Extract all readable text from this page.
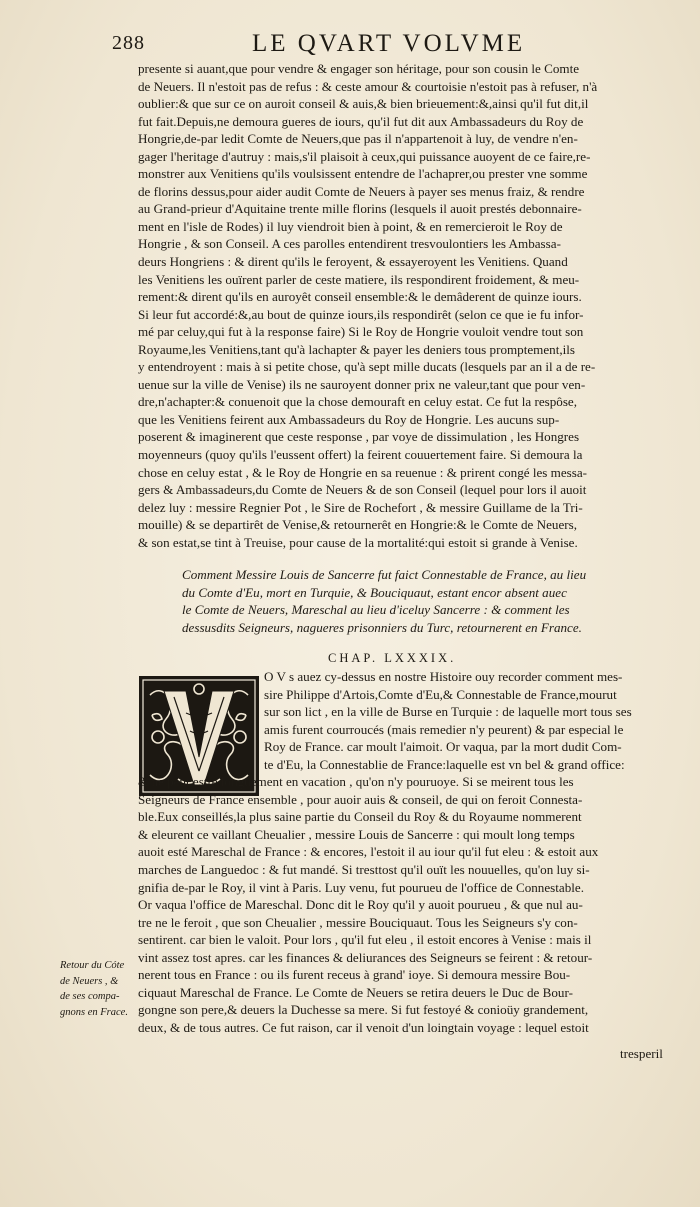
288	LE QVART VOLVME
presente si auant,que pour vendre & engager son héritage, pour son cousin le Comte
de Neuers. Il n'estoit pas de refus : & ceste amour & courtoisie n'estoit pas à refuser, n'à
oublier:& que sur ce on auroit conseil & auis,& bien brieuement:&,ainsi qu'il fut dit,il
fut fait.Depuis,ne demoura gueres de iours, qu'il fut dit aux Ambassadeurs du Roy de
Hongrie,de-par ledit Comte de Neuers,que pas il n'appartenoit à luy, de vendre n'en-
gager l'heritage d'autruy : mais,s'il plaisoit à ceux,qui puissance auoyent de ce faire,re-
monstrer aux Venitiens qu'ils voulsissent entendre de l'achaprer,ou prester vne somme
de florins dessus,pour aider audit Comte de Neuers à payer ses menus fraiz, & rendre
au Grand-prieur d'Aquitaine trente mille florins (lesquels il auoit prestés debonnaire-
ment en l'isle de Rodes) il luy viendroit bien à point, & en remercieroit le Roy de
Hongrie , & son Conseil. A ces parolles entendirent tresvoulontiers les Ambassa-
deurs Hongriens : & dirent qu'ils le feroyent, & essayeroyent les Venitiens. Quand
les Venitiens les ouïrent parler de ceste matiere, ils respondirent froidement, & meu-
rement:& dirent qu'ils en auroyêt conseil ensemble:& le demâderent de quinze iours.
Si leur fut accordé:&,au bout de quinze iours,ils respondirêt (selon ce que ie fu infor-
mé par celuy,qui fut à la response faire) Si le Roy de Hongrie vouloit vendre tout son
Royaume,les Venitiens,tant qu'à lachapter & payer les deniers tous promptement,ils
y entendroyent : mais à si petite chose, qu'à sept mille ducats (lesquels par an il a de re-
uenue sur la ville de Venise) ils ne sauroyent donner prix ne valeur,tant que pour ven-
dre,n'achapter:& conuenoit que la chose demouraft en celuy estat. Ce fut la respôse,
que les Venitiens feirent aux Ambassadeurs du Roy de Hongrie. Les aucuns sup-
poserent & imaginerent que ceste response , par voye de dissimulation , les Hongres
moyenneurs (quoy qu'ils l'eussent offert) la feirent couuertement faire. Si demoura la
chose en celuy estat , & le Roy de Hongrie en sa reuenue : & prirent congé les messa-
gers & Ambassadeurs,du Comte de Neuers & de son Conseil (lequel pour lors il auoit
delez luy : messire Regnier Pot , le Sire de Rochefort , & messire Guillame de la Tri-
mouille) & se departirêt de Venise,& retournerêt en Hongrie:& le Comte de Neuers,
& son estat,se tint à Treuise, pour cause de la mortalité:qui estoit si grande à Venise.
Comment Messire Louis de Sancerre fut faict Connestable de France, au lieu
du Comte d'Eu, mort en Turquie, & Bouciquaut, estant encor absent auec
le Comte de Neuers, Mareschal au lieu d'iceluy Sancerre : & comment les
dessusdits Seigneurs, nagueres prisonniers du Turc, retournerent en France.
CHAP. LXXXIX.
O V s auez cy-dessus en nostre Histoire ouy recorder comment mes-
sire Philippe d'Artois,Comte d'Eu,& Connestable de France,mourut
sur son lict , en la ville de Burse en Turquie : de laquelle mort tous ses
amis furent courroucés (mais remedier n'y peurent) & par especial le
Roy de France. car moult l'aimoit. Or vaqua, par la mort dudit Com-
te d'Eu, la Connestablie de France:laquelle est vn bel & grand office:
& ne peut estre longuement en vacation , qu'on n'y pouruoye. Si se meirent tous les
Seigneurs de France ensemble , pour auoir auis & conseil, de qui on feroit Connesta-
ble.Eux conseillés,la plus saine partie du Conseil du Roy & du Royaume nommerent
& eleurent ce vaillant Cheualier , messire Louis de Sancerre : qui moult long temps
auoit esté Mareschal de France : & encores, l'estoit il au iour qu'il fut eleu : & estoit aux
marches de Languedoc : & fut mandé. Si tresttost qu'il ouït les nouuelles, qu'on luy si-
gnifia de-par le Roy, il vint à Paris. Luy venu, fut pourueu de l'office de Connestable.
Or vaqua l'office de Mareschal. Donc dit le Roy qu'il y auoit pourueu , & que nul au-
tre ne le feroit , que son Cheualier , messire Bouciquaut. Tous les Seigneurs s'y con-
sentirent. car bien le valoit. Pour lors , qu'il fut eleu , il estoit encores à Venise : mais il
vint assez tost apres. car les finances & deliurances des Seigneurs se feirent : & retour-
nerent tous en France : ou ils furent receus à grand' ioye. Si demoura messire Bou-
ciquaut Mareschal de France. Le Comte de Neuers se retira deuers le Duc de Bour-
gongne son pere,& deuers la Duchesse sa mere. Si fut festoyé & conioüy grandement,
deux, & de tous autres. Ce fut raison, car il venoit d'un loingtain voyage : lequel estoit
Retour du Cóte
de Neuers , &
de ses compa-
gnons en Frace.
tresperil
